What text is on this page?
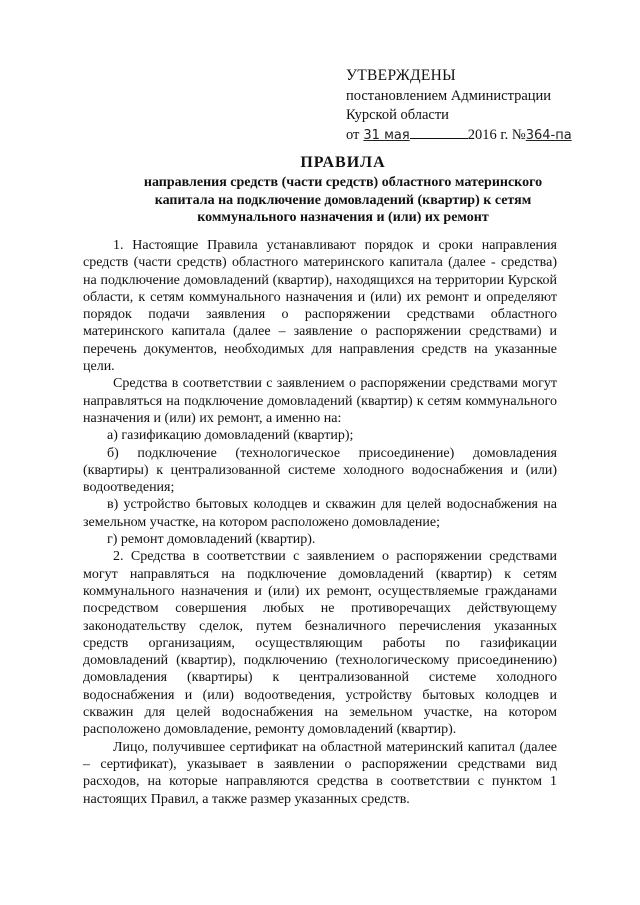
УТВЕРЖДЕНЫ
постановлением Администрации
Курской области
от 31 мая	2016 г. №364-па
ПРАВИЛА
направления средств (части средств) областного материнского
капитала на подключение домовладений (квартир) к сетям
коммунального назначения и (или) их ремонт

1. Настоящие Правила устанавливают порядок и сроки направления средств (части средств) областного материнского капитала (далее - средства) на подключение домовладений (квартир), находящихся на территории Курской области, к сетям коммунального назначения и (или) их ремонт и определяют порядок подачи заявления о распоряжении средствами областного материнского капитала (далее – заявление о распоряжении средствами) и перечень документов, необходимых для направления средств на указанные цели.

Средства в соответствии с заявлением о распоряжении средствами могут направляться на подключение домовладений (квартир) к сетям коммунального назначения и (или) их ремонт, а именно на:

а) газификацию домовладений (квартир);

б) подключение (технологическое присоединение) домовладения (квартиры) к централизованной системе холодного водоснабжения и (или) водоотведения;

в) устройство бытовых колодцев и скважин для целей водоснабжения на земельном участке, на котором расположено домовладение;

г) ремонт домовладений (квартир).

2. Средства в соответствии с заявлением о распоряжении средствами могут направляться на подключение домовладений (квартир) к сетям коммунального назначения и (или) их ремонт, осуществляемые гражданами посредством совершения любых не противоречащих действующему законодательству сделок, путем безналичного перечисления указанных средств организациям, осуществляющим работы по газификации домовладений (квартир), подключению (технологическому присоединению) домовладения (квартиры) к централизованной системе холодного водоснабжения и (или) водоотведения, устройству бытовых колодцев и скважин для целей водоснабжения на земельном участке, на котором расположено домовладение, ремонту домовладений (квартир).

Лицо, получившее сертификат на областной материнский капитал (далее – сертификат), указывает в заявлении о распоряжении средствами вид расходов, на которые направляются средства в соответствии с пунктом 1 настоящих Правил, а также размер указанных средств.
